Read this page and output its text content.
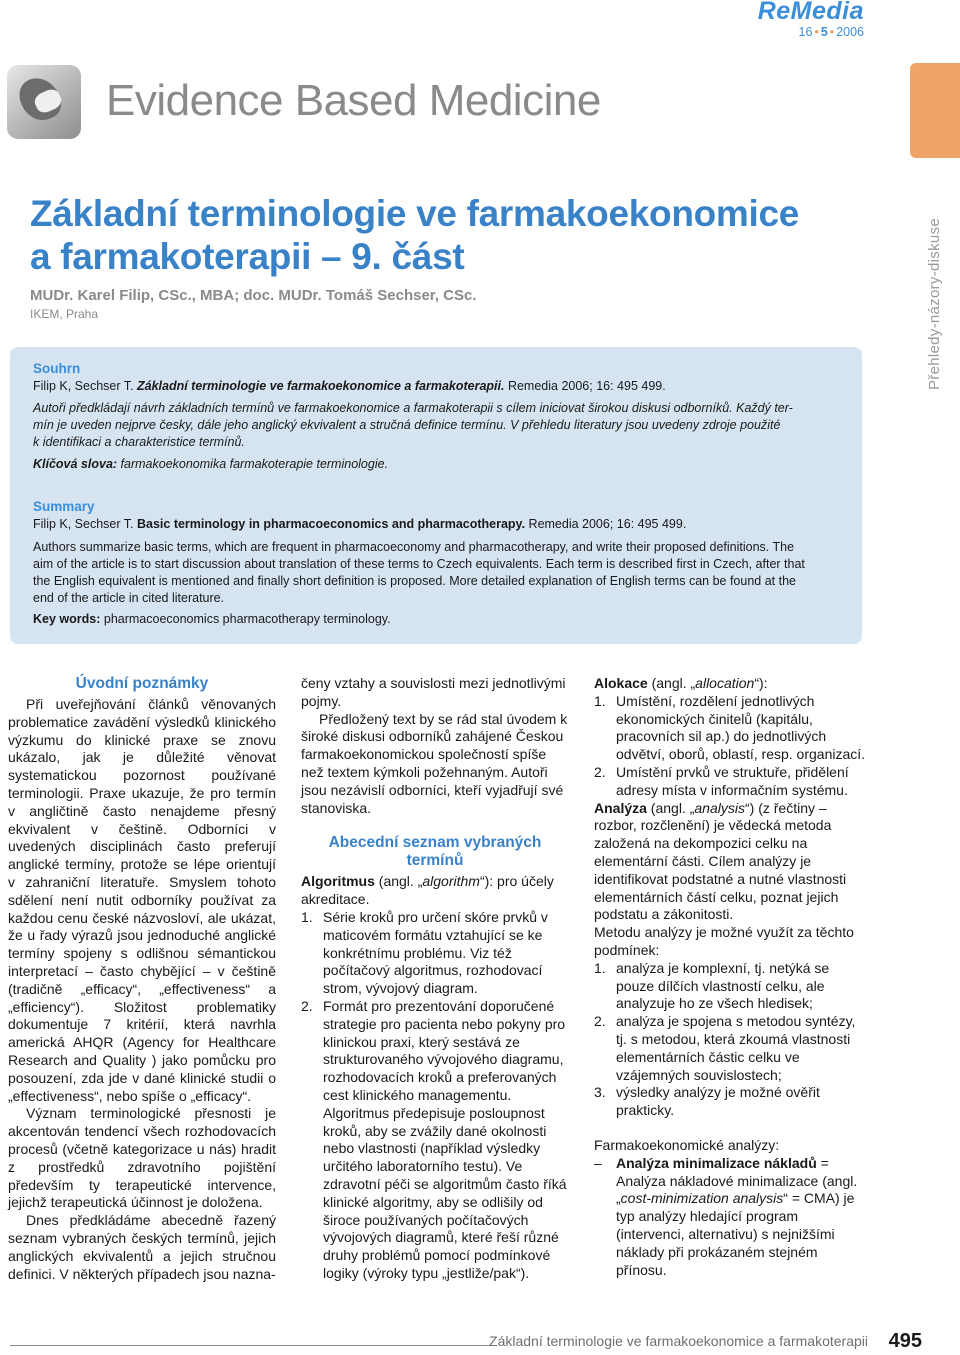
ReMedia
16 • 5 • 2006
Evidence Based Medicine
Přehledy-názory-diskuse
Základní terminologie ve farmakoekonomice
a farmakoterapii – 9. část
MUDr. Karel Filip, CSc., MBA; doc. MUDr. Tomáš Sechser, CSc.
IKEM, Praha
Souhrn
Filip K, Sechser T. Základní terminologie ve farmakoekonomice a farmakoterapii. Remedia 2006; 16: 495 499.
Autoři předkládají návrh základních termínů ve farmakoekonomice a farmakoterapii s cílem iniciovat širokou diskusi odborníků. Každý ter-
mín je uveden nejprve česky, dále jeho anglický ekvivalent a stručná definice termínu. V přehledu literatury jsou uvedeny zdroje použité
k identifikaci a charakteristice termínů.
Klíčová slova: farmakoekonomika farmakoterapie terminologie.
Summary
Filip K, Sechser T. Basic terminology in pharmacoeconomics and pharmacotherapy. Remedia 2006; 16: 495 499.
Authors summarize basic terms, which are frequent in pharmacoeconomy and pharmacotherapy, and write their proposed definitions. The
aim of the article is to start discussion about translation of these terms to Czech equivalents. Each term is described first in Czech, after that
the English equivalent is mentioned and finally short definition is proposed. More detailed explanation of English terms can be found at the
end of the article in cited literature.
Key words: pharmacoeconomics pharmacotherapy terminology.
Úvodní poznámky

Při uveřejňování článků věnovaných problematice zavádění výsledků klinického výzkumu do klinické praxe se znovu ukázalo, jak je důležité věnovat systematickou pozornost používané terminologii. Praxe ukazuje, že pro termín v angličtině často nenajdeme přesný ekvivalent v češtině. Odborníci v uvedených disciplinách často preferují anglické termíny, protože se lépe orientují v zahraniční literatuře. Smyslem tohoto sdělení není nutit odborníky používat za každou cenu české názvosloví, ale ukázat, že u řady výrazů jsou jednoduché anglické termíny spojeny s odlišnou sémantickou interpretací – často chybějící – v češtině (tradičně „efficacy“, „effectiveness“ a „efficiency“). Složitost problematiky dokumentuje 7 kritérií, která navrhla americká AHQR (Agency for Healthcare Research and Quality ) jako pomůcku pro posouzení, zda jde v dané klinické studii o „effectiveness“, nebo spíše o „efficacy“.

Význam terminologické přesnosti je akcentován tendencí všech rozhodovacích procesů (včetně kategorizace u nás) hradit z prostředků zdravotního pojištění především ty terapeutické intervence, jejichž terapeutická účinnost je doložena.

Dnes předkládáme abecedně řazený seznam vybraných českých termínů, jejich anglických ekvivalentů a jejich stručnou definici. V některých případech jsou nazna-

čeny vztahy a souvislosti mezi jednotlivými pojmy.

Předložený text by se rád stal úvodem k široké diskusi odborníků zahájené Českou farmakoekonomickou společností spíše než textem kýmkoli požehnaným. Autoři jsou nezávislí odborníci, kteří vyjadřují své stanoviska.

Abecední seznam vybraných termínů

Algoritmus (angl. „algorithm“): pro účely akreditace.

1. Série kroků pro určení skóre prvků v maticovém formátu vztahující se ke konkrétnímu problému. Viz též počítačový algoritmus, rozhodovací strom, vývojový diagram.
2. Formát pro prezentování doporučené strategie pro pacienta nebo pokyny pro klinickou praxi, který sestává ze strukturovaného vývojového diagramu, rozhodovacích kroků a preferovaných cest klinického managementu. Algoritmus předepisuje posloupnost kroků, aby se zvážily dané okolnosti nebo vlastnosti (například výsledky určitého laboratorního testu). Ve zdravotní péči se algoritmům často říká klinické algoritmy, aby se odlišily od široce používaných počítačových vývojových diagramů, které řeší různé druhy problémů pomocí podmínkové logiky (výroky typu „jestliže/pak“).

Alokace (angl. „allocation“):

1. Umístění, rozdělení jednotlivých ekonomických činitelů (kapitálu, pracovních sil ap.) do jednotlivých odvětví, oborů, oblastí, resp. organizací.
2. Umístění prvků ve struktuře, přidělení adresy místa v informačním systému.

Analýza (angl. „analysis“) (z řečtiny – rozbor, rozčlenění) je vědecká metoda založená na dekompozici celku na elementární části. Cílem analýzy je identifikovat podstatné a nutné vlastnosti elementárních částí celku, poznat jejich podstatu a zákonitosti.

Metodu analýzy je možné využít za těchto podmínek:

1. analýza je komplexní, tj. netýká se pouze dílčích vlastností celku, ale analyzuje ho ze všech hledisek;
2. analýza je spojena s metodou syntézy, tj. s metodou, která zkoumá vlastnosti elementárních částic celku ve vzájemných souvislostech;
3. výsledky analýzy je možné ověřit prakticky.

Farmakoekonomické analýzy:

–	Analýza minimalizace nákladů = Analýza nákladové minimalizace (angl. „cost-minimization analysis“ = CMA) je typ analýzy hledající program (intervenci, alternativu) s nejnižšími náklady při prokázaném stejném přínosu.
Základní terminologie ve farmakoekonomice a farmakoterapii 495
